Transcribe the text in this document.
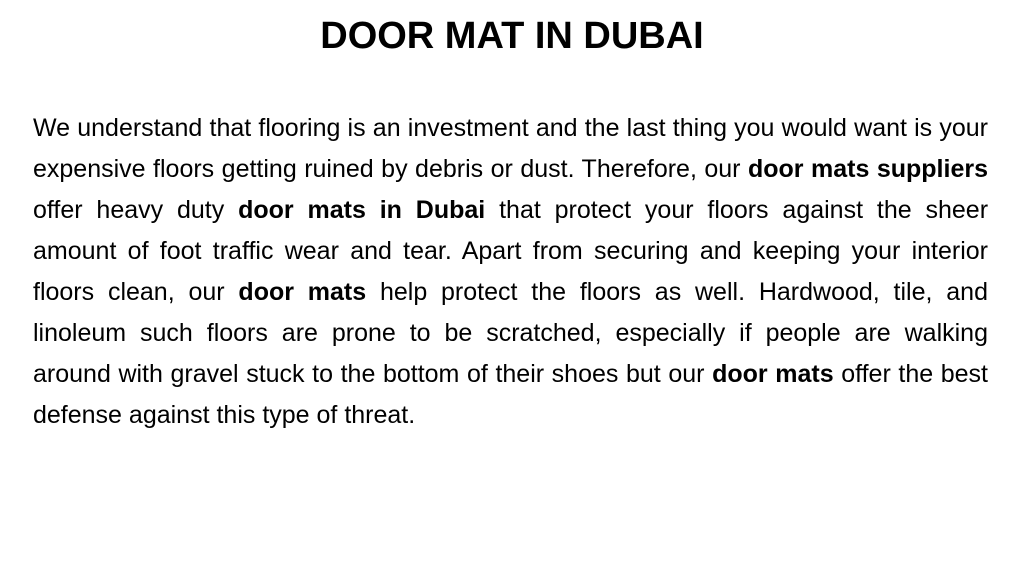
DOOR MAT IN DUBAI
We understand that flooring is an investment and the last thing you would want is your expensive floors getting ruined by debris or dust. Therefore, our door mats suppliers offer heavy duty door mats in Dubai that protect your floors against the sheer amount of foot traffic wear and tear. Apart from securing and keeping your interior floors clean, our door mats help protect the floors as well. Hardwood, tile, and linoleum such floors are prone to be scratched, especially if people are walking around with gravel stuck to the bottom of their shoes but our door mats offer the best defense against this type of threat.
